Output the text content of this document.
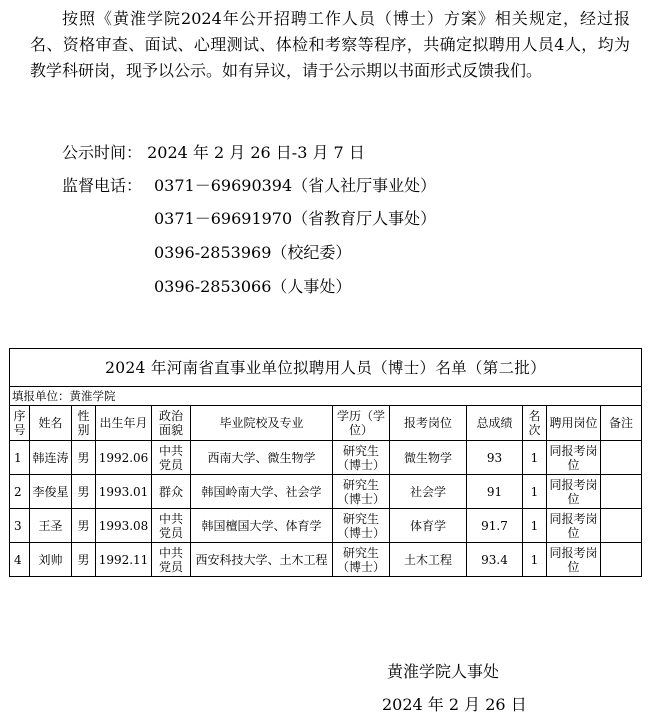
按照《黄淮学院2024年公开招聘工作人员（博士）方案》相关规定，经过报名、资格审查、面试、心理测试、体检和考察等程序，共确定拟聘用人员4人，均为教学科研岗，现予以公示。如有异议，请于公示期以书面形式反馈我们。

公示时间： 2024 年 2 月 26 日-3 月 7 日
监督电话： 0371－69690394（省人社厅事业处）
0371－69691970（省教育厅人事处）
0396-2853969（校纪委）
0396-2853066（人事处）
2024 年河南省直事业单位拟聘用人员（博士）名单（第二批）											
填报单位：黄淮学院											
序号	姓名	性别	出生年月	政治面貌	毕业院校及专业	学历（学位）	报考岗位	总成绩	名次	聘用岗位	备注
1	韩连涛	男	1992.06	中共党员	西南大学、微生物学	研究生（博士）	微生物学	93	1	同报考岗位	
2	李俊星	男	1993.01	群众	韩国岭南大学、社会学	研究生（博士）	社会学	91	1	同报考岗位	
3	王圣	男	1993.08	中共党员	韩国檀国大学、体育学	研究生（博士）	体育学	91.7	1	同报考岗位	
4	刘帅	男	1992.11	中共党员	西安科技大学、土木工程	研究生（博士）	土木工程	93.4	1	同报考岗位	
黄淮学院人事处
2024 年 2 月 26 日
